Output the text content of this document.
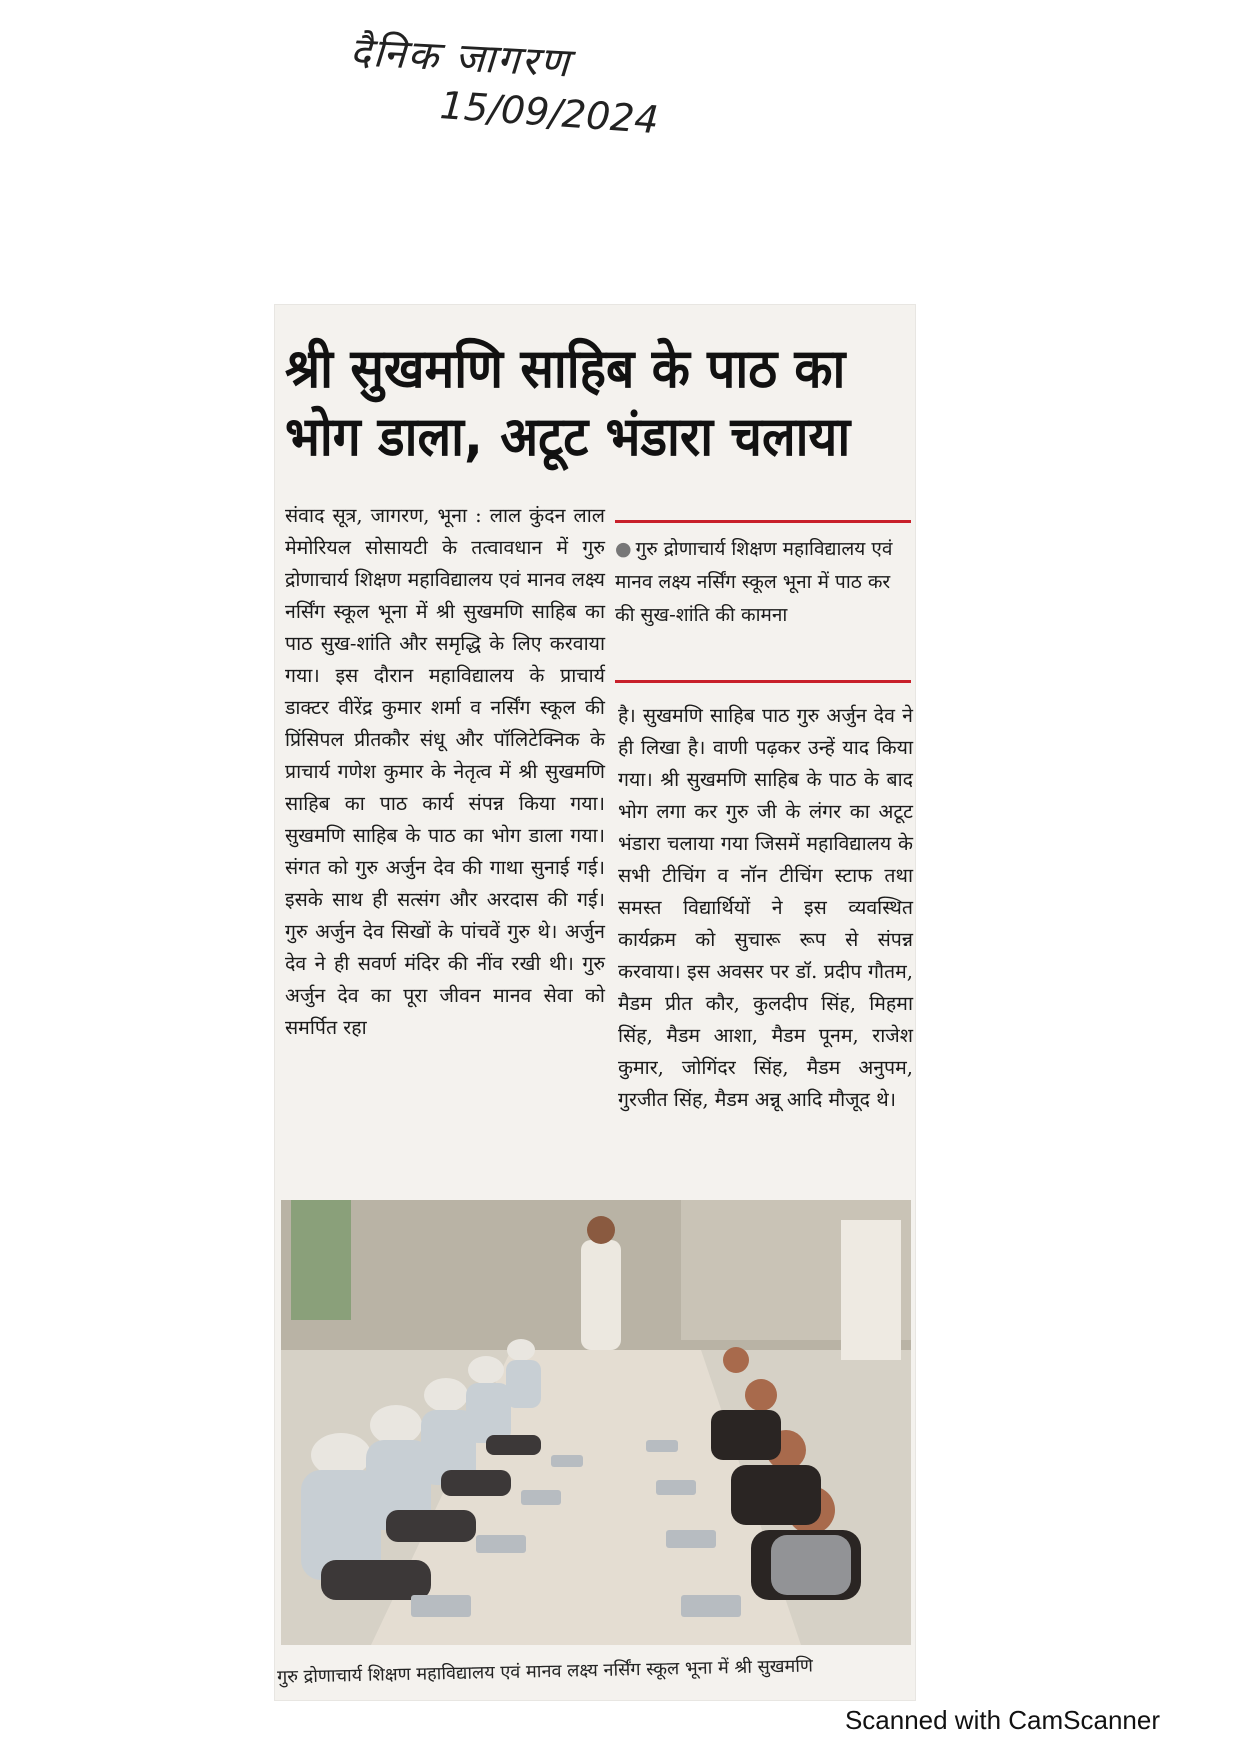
दैनिक जागरण
15/09/2024
श्री सुखमणि साहिब के पाठ का भोग डाला, अटूट भंडारा चलाया
संवाद सूत्र, जागरण, भूना : लाल कुंदन लाल मेमोरियल सोसायटी के तत्वावधान में गुरु द्रोणाचार्य शिक्षण महाविद्यालय एवं मानव लक्ष्य नर्सिंग स्कूल भूना में श्री सुखमणि साहिब का पाठ सुख-शांति और समृद्धि के लिए करवाया गया। इस दौरान महाविद्यालय के प्राचार्य डाक्टर वीरेंद्र कुमार शर्मा व नर्सिंग स्कूल की प्रिंसिपल प्रीतकौर संधू और पॉलिटेक्निक के प्राचार्य गणेश कुमार के नेतृत्व में श्री सुखमणि साहिब का पाठ कार्य संपन्न किया गया। सुखमणि साहिब के पाठ का भोग डाला गया। संगत को गुरु अर्जुन देव की गाथा सुनाई गई। इसके साथ ही सत्संग और अरदास की गई। गुरु अर्जुन देव सिखों के पांचवें गुरु थे। अर्जुन देव ने ही सवर्ण मंदिर की नींव रखी थी। गुरु अर्जुन देव का पूरा जीवन मानव सेवा को समर्पित रहा
● गुरु द्रोणाचार्य शिक्षण महाविद्यालय एवं मानव लक्ष्य नर्सिंग स्कूल भूना में पाठ कर की सुख-शांति की कामना
है। सुखमणि साहिब पाठ गुरु अर्जुन देव ने ही लिखा है। वाणी पढ़कर उन्हें याद किया गया। श्री सुखमणि साहिब के पाठ के बाद भोग लगा कर गुरु जी के लंगर का अटूट भंडारा चलाया गया जिसमें महाविद्यालय के सभी टीचिंग व नॉन टीचिंग स्टाफ तथा समस्त विद्यार्थियों ने इस व्यवस्थित कार्यक्रम को सुचारू रूप से संपन्न करवाया। इस अवसर पर डॉ. प्रदीप गौतम, मैडम प्रीत कौर, कुलदीप सिंह, मिहमा सिंह, मैडम आशा, मैडम पूनम, राजेश कुमार, जोगिंदर सिंह, मैडम अनुपम, गुरजीत सिंह, मैडम अन्नू आदि मौजूद थे।
गुरु द्रोणाचार्य शिक्षण महाविद्यालय एवं मानव लक्ष्य नर्सिंग स्कूल भूना में श्री सुखमणि
Scanned with CamScanner
